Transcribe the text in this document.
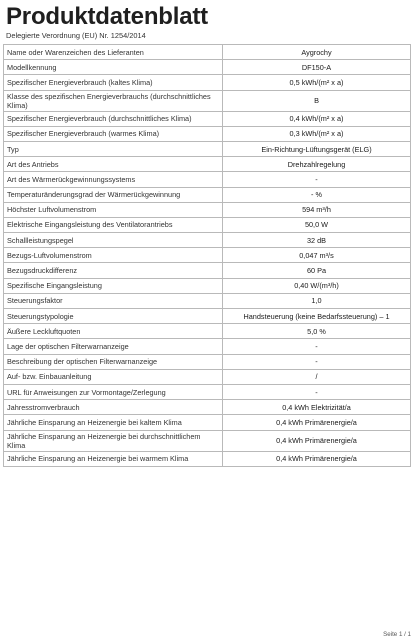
Produktdatenblatt
Delegierte Verordnung (EU) Nr. 1254/2014
Name oder Warenzeichen des Lieferanten	Aygrochy
Modellkennung	DF150-A
Spezifischer Energieverbrauch (kaltes Klima)	0,5 kWh/(m² x a)
Klasse des spezifischen Energieverbrauchs (durchschnittliches Klima)	B
Spezifischer Energieverbrauch (durchschnittliches Klima)	0,4 kWh/(m² x a)
Spezifischer Energieverbrauch (warmes Klima)	0,3 kWh/(m² x a)
Typ	Ein-Richtung-Lüftungsgerät (ELG)
Art des Antriebs	Drehzahlregelung
Art des Wärmerückgewinnungssystems	-
Temperaturänderungsgrad der Wärmerückgewinnung	- %
Höchster Luftvolumenstrom	594 m³/h
Elektrische Eingangsleistung des Ventilatorantriebs	50,0 W
Schallleistungspegel	32 dB
Bezugs-Luftvolumenstrom	0,047 m³/s
Bezugsdruckdifferenz	60 Pa
Spezifische Eingangsleistung	0,40 W/(m³/h)
Steuerungsfaktor	1,0
Steuerungstypologie	Handsteuerung (keine Bedarfssteuerung) – 1
Äußere Leckluftquoten	5,0 %
Lage der optischen Filterwarnanzeige	-
Beschreibung der optischen Filterwarnanzeige	-
Auf- bzw. Einbauanleitung	/
URL für Anweisungen zur Vormontage/Zerlegung	-
Jahresstromverbrauch	0,4 kWh Elektrizität/a
Jährliche Einsparung an Heizenergie bei kaltem Klima	0,4 kWh Primärenergie/a
Jährliche Einsparung an Heizenergie bei durchschnittlichem Klima	0,4 kWh Primärenergie/a
Jährliche Einsparung an Heizenergie bei warmem Klima	0,4 kWh Primärenergie/a
Seite 1 / 1
